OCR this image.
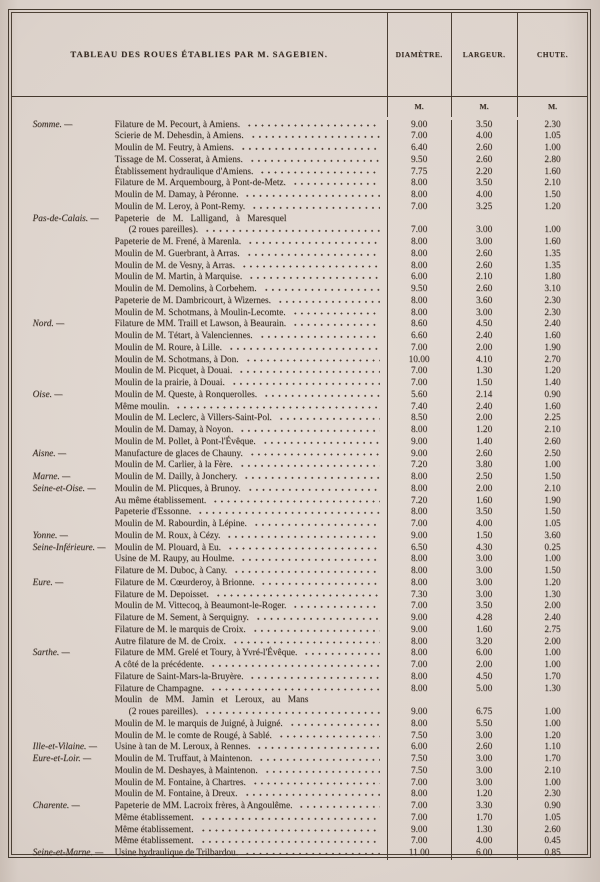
TABLEAU DES ROUES ÉTABLIES PAR M. SAGEBIEN.	DIAMÈTRE.	LARGEUR.	CHUTE.
M.	M.	M.
Somme. —	Filature de M. Pecourt, à Amiens.	9.00	3.50	2.30
Scierie de M. Dehesdin, à Amiens.	7.00	4.00	1.05
Moulin de M. Feutry, à Amiens.	6.40	2.60	1.00
Tissage de M. Cosserat, à Amiens.	9.50	2.60	2.80
Établissement hydraulique d'Amiens.	7.75	2.20	1.60
Filature de M. Arquembourg, à Pont-de-Metz.	8.00	3.50	2.10
Moulin de M. Damay, à Péronne.	8.00	4.00	1.50
Moulin de M. Leroy, à Pont-Remy.	7.00	3.25	1.20
Pas-de-Calais. —	Papeterie de M. Lalligand, à Maresquel
(2 roues pareilles).	7.00	3.00	1.00
Papeterie de M. Frené, à Marenla.	8.00	3.00	1.60
Moulin de M. Guerbrant, à Arras.	8.00	2.60	1.35
Moulin de M. de Vesny, à Arras.	8.00	2.60	1.35
Moulin de M. Martin, à Marquise.	6.00	2.10	1.80
Moulin de M. Demolins, à Corbehem.	9.50	2.60	3.10
Papeterie de M. Dambricourt, à Wizernes.	8.00	3.60	2.30
Moulin de M. Schotmans, à Moulin-Lecomte.	8.00	3.00	2.30
Nord. —	Filature de MM. Traill et Lawson, à Beaurain.	8.60	4.50	2.40
Moulin de M. Tétart, à Valenciennes.	6.60	2.40	1.60
Moulin de M. Roure, à Lille.	7.00	2.00	1.90
Moulin de M. Schotmans, à Don.	10.00	4.10	2.70
Moulin de M. Picquet, à Douai.	7.00	1.30	1.20
Moulin de la prairie, à Douai.	7.00	1.50	1.40
Oise. —	Moulin de M. Queste, à Ronquerolles.	5.60	2.14	0.90
Même moulin.	7.40	2.40	1.60
Moulin de M. Leclerc, à Villers-Saint-Pol.	8.50	2.00	2.25
Moulin de M. Damay, à Noyon.	8.00	1.20	2.10
Moulin de M. Pollet, à Pont-l'Évêque.	9.00	1.40	2.60
Aisne. —	Manufacture de glaces de Chauny.	9.00	2.60	2.50
Moulin de M. Carlier, à la Fère.	7.20	3.80	1.00
Marne. —	Moulin de M. Dailly, à Jonchery.	8.00	2.50	1.50
Seine-et-Oise. —	Moulin de M. Plicques, à Brunoy.	8.00	2.00	2.10
Au même établissement.	7.20	1.60	1.90
Papeterie d'Essonne.	8.00	3.50	1.50
Moulin de M. Rabourdin, à Lépine.	7.00	4.00	1.05
Yonne. —	Moulin de M. Roux, à Cézy.	9.00	1.50	3.60
Seine-Inférieure. — Moulin de M. Plouard, à Eu.	6.50	4.30	0.25
Usine de M. Raupy, au Houlme.	8.00	3.00	1.00
Filature de M. Duboc, à Cany.	8.00	3.00	1.50
Eure. —	Filature de M. Cœurderoy, à Brionne.	8.00	3.00	1.20
Filature de M. Depoisset.	7.30	3.00	1.30
Moulin de M. Vittecoq, à Beaumont-le-Roger.	7.00	3.50	2.00
Filature de M. Sement, à Serquigny.	9.00	4.28	2.40
Filature de M. le marquis de Croix.	9.00	1.60	2.75
Autre filature de M. de Croix.	8.00	3.20	2.00
Sarthe. —	Filature de MM. Grelé et Toury, à Yvré-l'Évêque.	8.00	6.00	1.00
A côté de la précédente.	7.00	2.00	1.00
Filature de Saint-Mars-la-Bruyère.	8.00	4.50	1.70
Filature de Champagne.	8.00	5.00	1.30
Moulin de MM. Jamin et Leroux, au Mans
(2 roues pareilles).	9.00	6.75	1.00
Moulin de M. le marquis de Juigné, à Juigné.	8.00	5.50	1.00
Moulin de M. le comte de Rougé, à Sablé.	7.50	3.00	1.20
Ille-et-Vilaine. —	Usine à tan de M. Leroux, à Rennes.	6.00	2.60	1.10
Eure-et-Loir. —	Moulin de M. Truffaut, à Maintenon.	7.50	3.00	1.70
Moulin de M. Deshayes, à Maintenon.	7.50	3.00	2.10
Moulin de M. Fontaine, à Chartres.	7.00	3.00	1.00
Moulin de M. Fontaine, à Dreux.	8.00	1.20	2.30
Charente. —	Papeterie de MM. Lacroix frères, à Angoulême.	7.00	3.30	0.90
Même établissement.	7.00	1.70	1.05
Même établissement.	9.00	1.30	2.60
Même établissement.	7.00	4.00	0.45
Seine-et-Marne. —	Usine hydraulique de Trilbardou.	11.00	6.00	0.85
